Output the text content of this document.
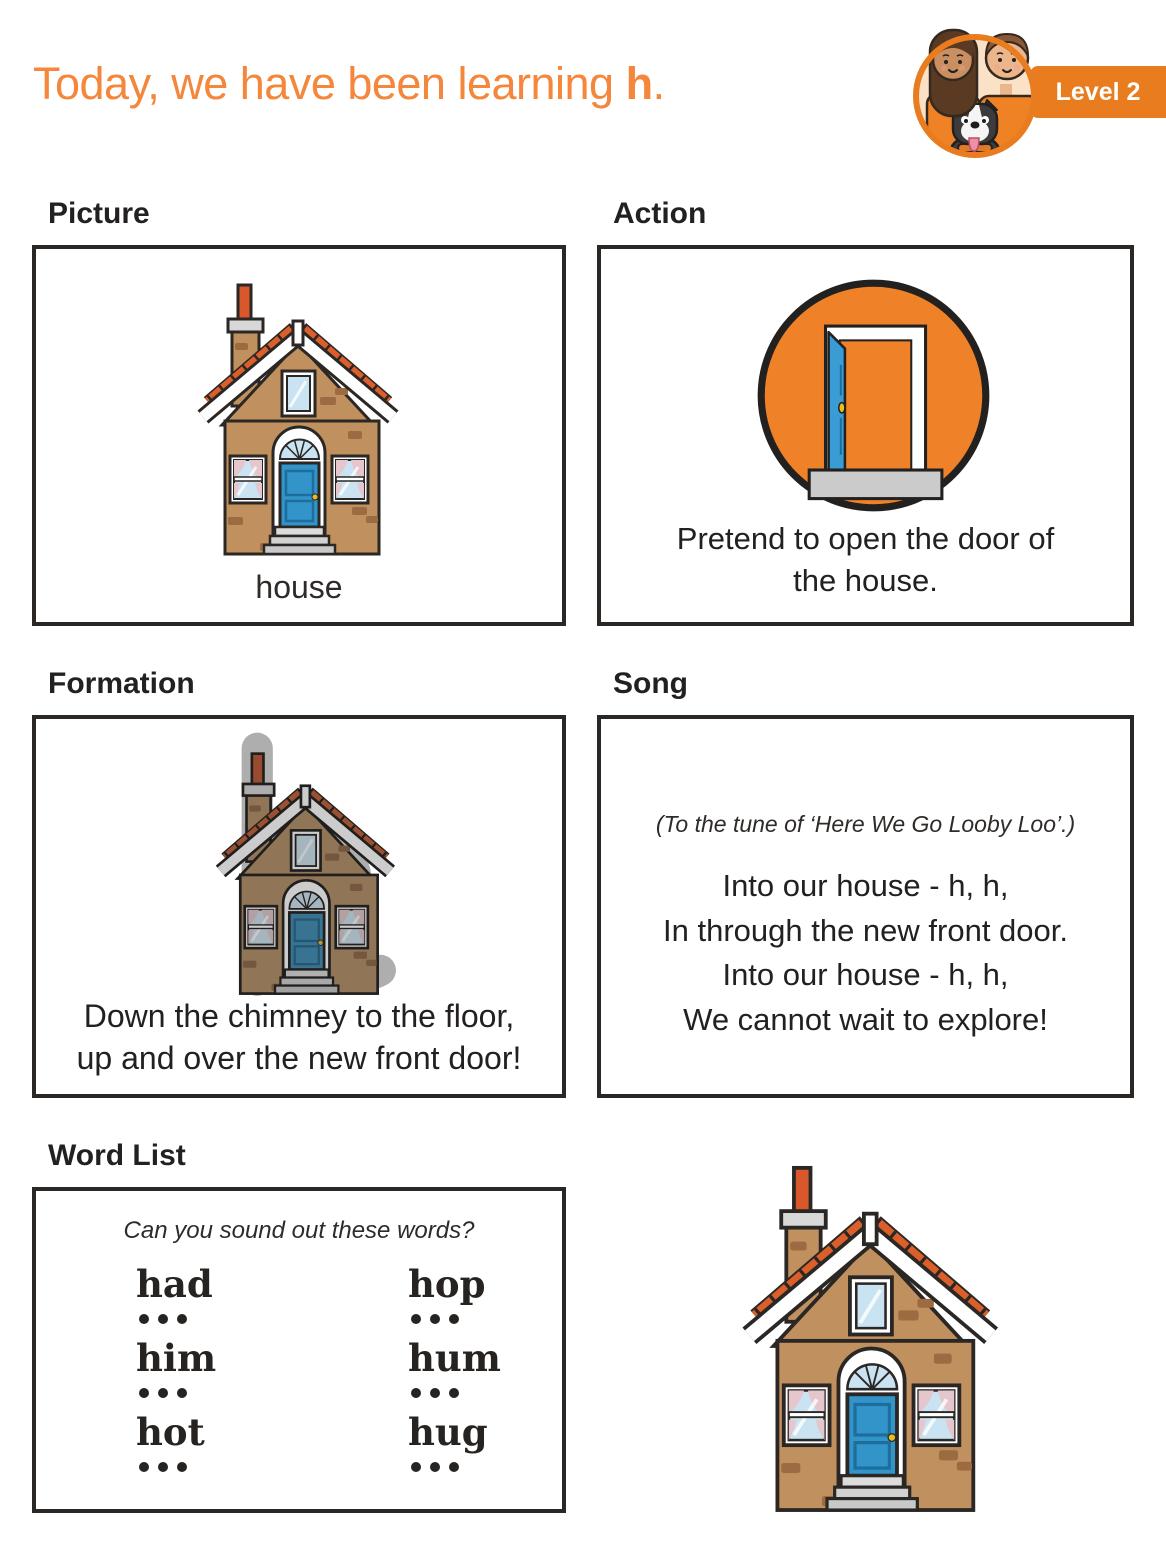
Today, we have been learning h.	Level 2
Picture
house
Action
Pretend to open the door of
the house.
Formation
Down the chimney to the floor,
up and over the new front door!
Song
(To the tune of ‘Here We Go Looby Loo’.)
Into our house - h, h,
In through the new front door.
Into our house - h, h,
We cannot wait to explore!
Word List
Can you sound out these words?
had
him
hot
hop
hum
hug
